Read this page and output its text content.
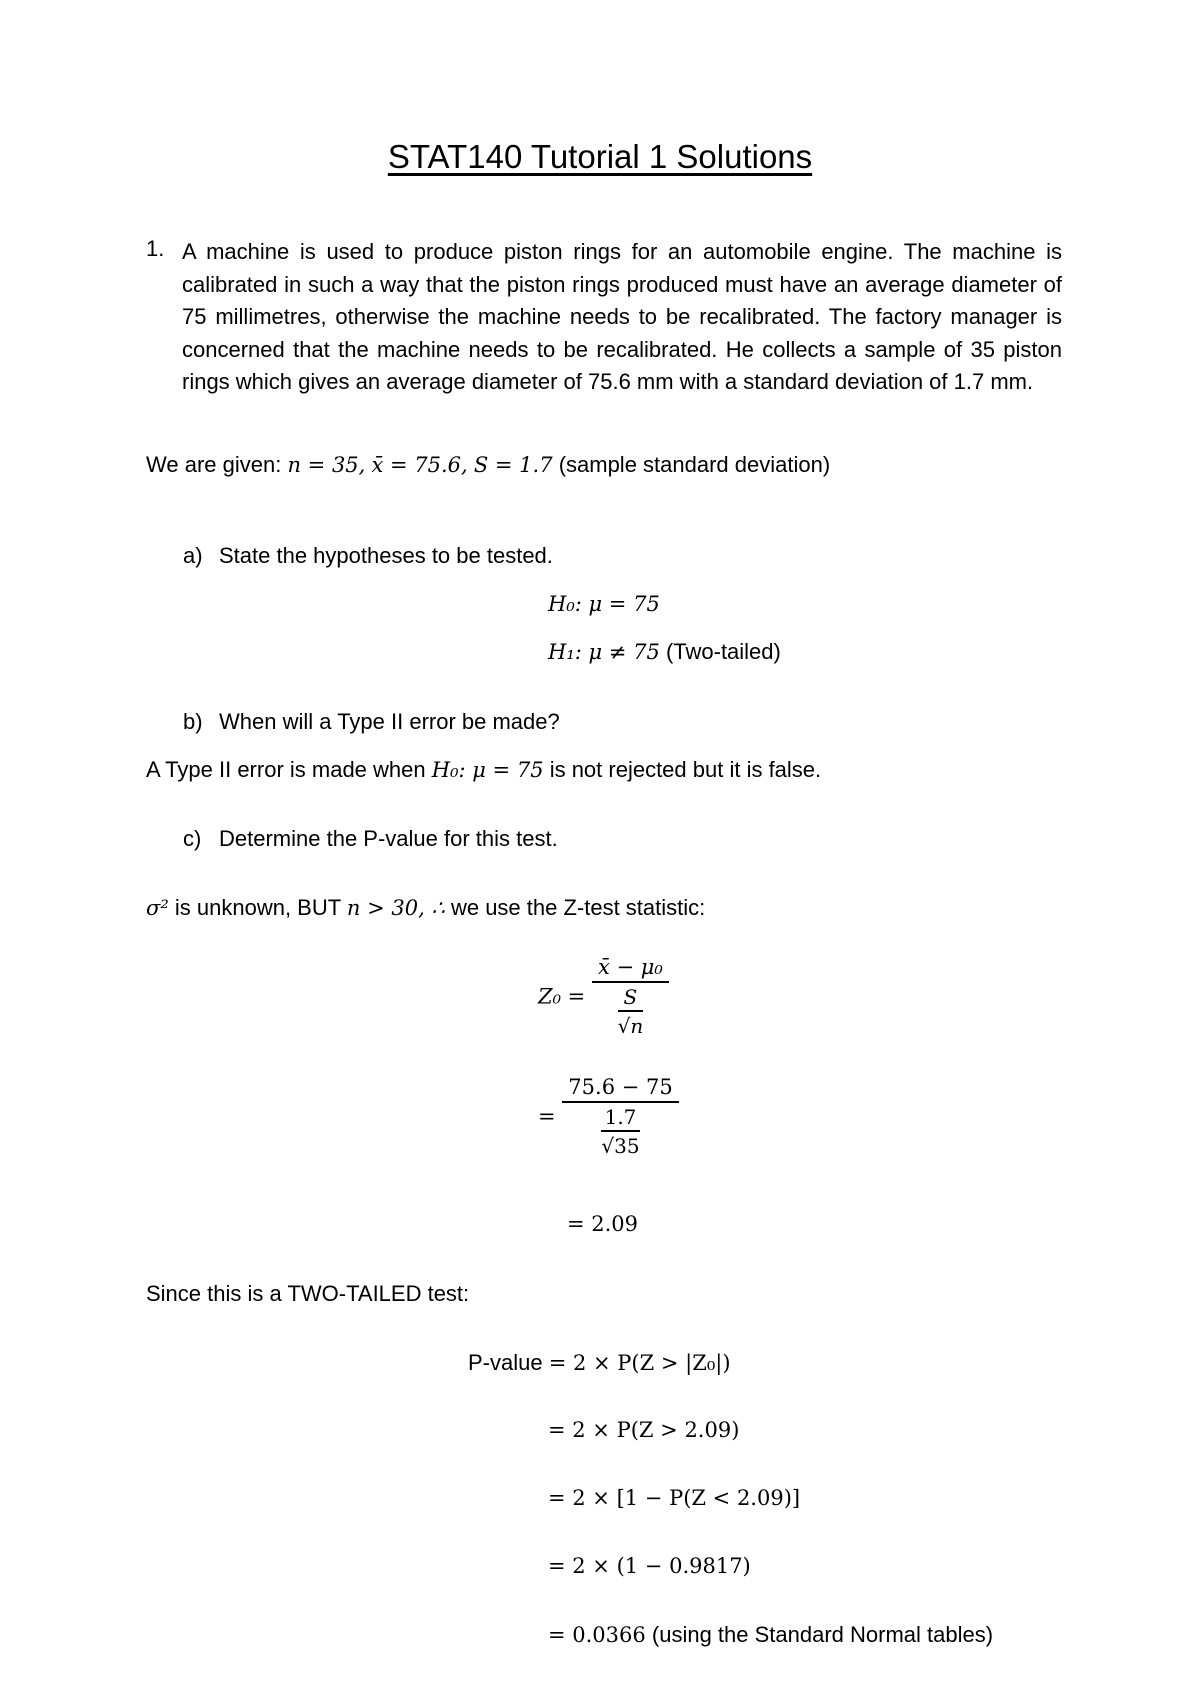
STAT140 Tutorial 1 Solutions
1. A machine is used to produce piston rings for an automobile engine. The machine is calibrated in such a way that the piston rings produced must have an average diameter of 75 millimetres, otherwise the machine needs to be recalibrated. The factory manager is concerned that the machine needs to be recalibrated. He collects a sample of 35 piston rings which gives an average diameter of 75.6 mm with a standard deviation of 1.7 mm.
We are given: n = 35, x̄ = 75.6, S = 1.7 (sample standard deviation)
a) State the hypotheses to be tested.
H₀: μ = 75
H₁: μ ≠ 75 (Two-tailed)
b) When will a Type II error be made?
A Type II error is made when H₀: μ = 75 is not rejected but it is false.
c) Determine the P-value for this test.
σ² is unknown, BUT n > 30, ∴ we use the Z-test statistic:
$Z_0 = \frac{\text{x̄ − μ₀}}{\frac{S}{√n}}$
= $\frac{75.6 - 75}{\frac{1.7}{√35}}$
= 2.09
Since this is a TWO-TAILED test:
P-value = 2 × P(Z > |Z₀|)
= 2 × P(Z > 2.09)
= 2 × [1 − P(Z < 2.09)]
= 2 × (1 − 0.9817)
= 0.0366 (using the Standard Normal tables)
